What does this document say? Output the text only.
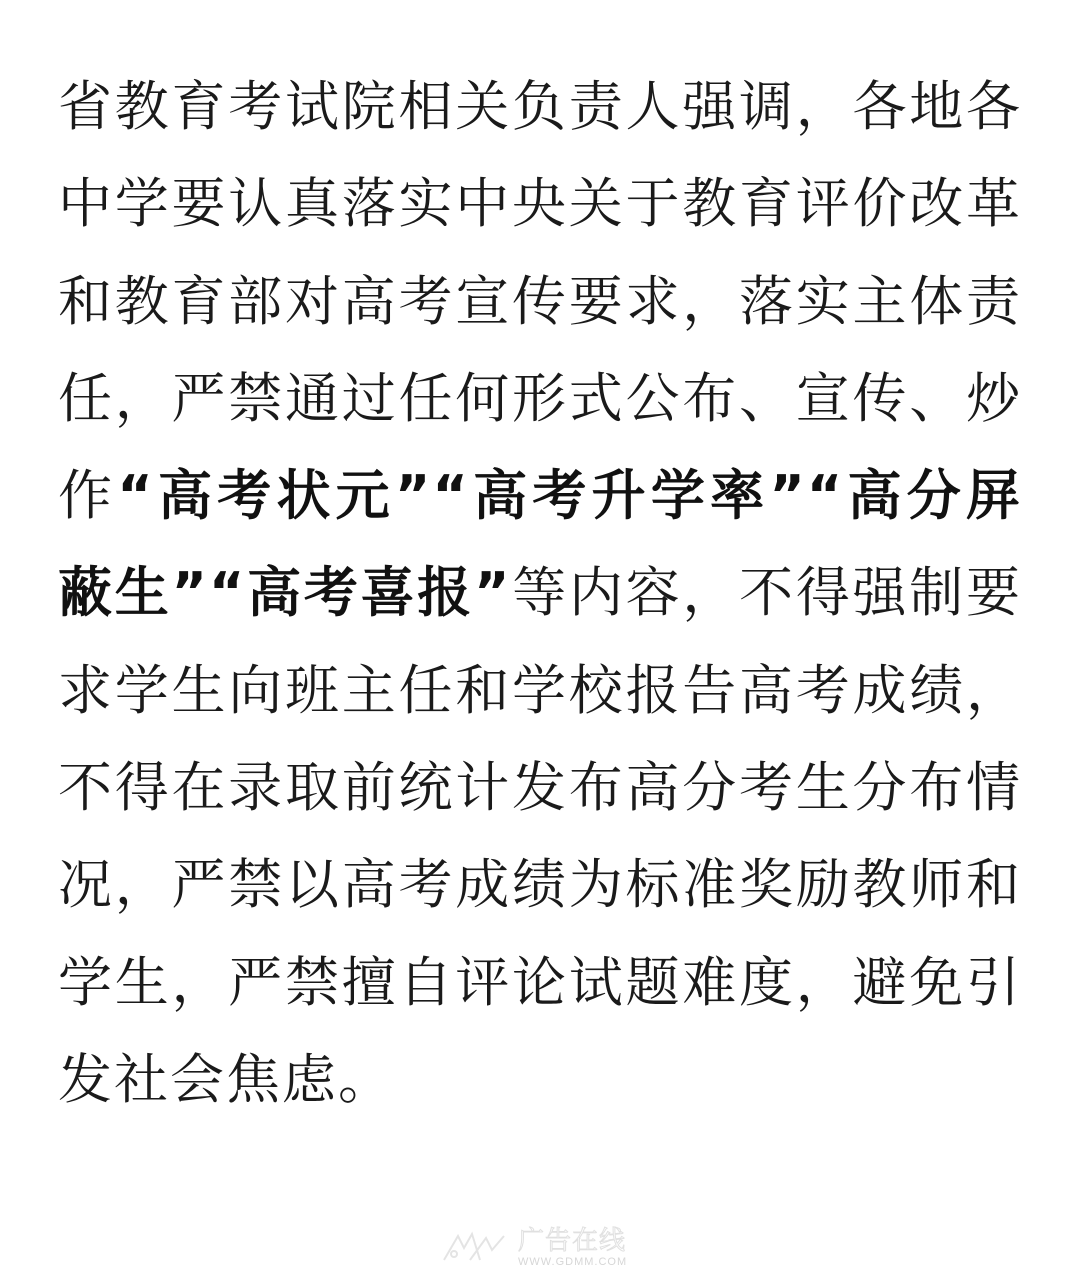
省教育考试院相关负责人强调，各地各中学要认真落实中央关于教育评价改革和教育部对高考宣传要求，落实主体责任，严禁通过任何形式公布、宣传、炒作“高考状元”“高考升学率”“高分屏蔽生”“高考喜报”等内容，不得强制要求学生向班主任和学校报告高考成绩，不得在录取前统计发布高分考生分布情况，严禁以高考成绩为标准奖励教师和学生，严禁擅自评论试题难度，避免引发社会焦虑。

广告在线
WWW.GDMM.COM
